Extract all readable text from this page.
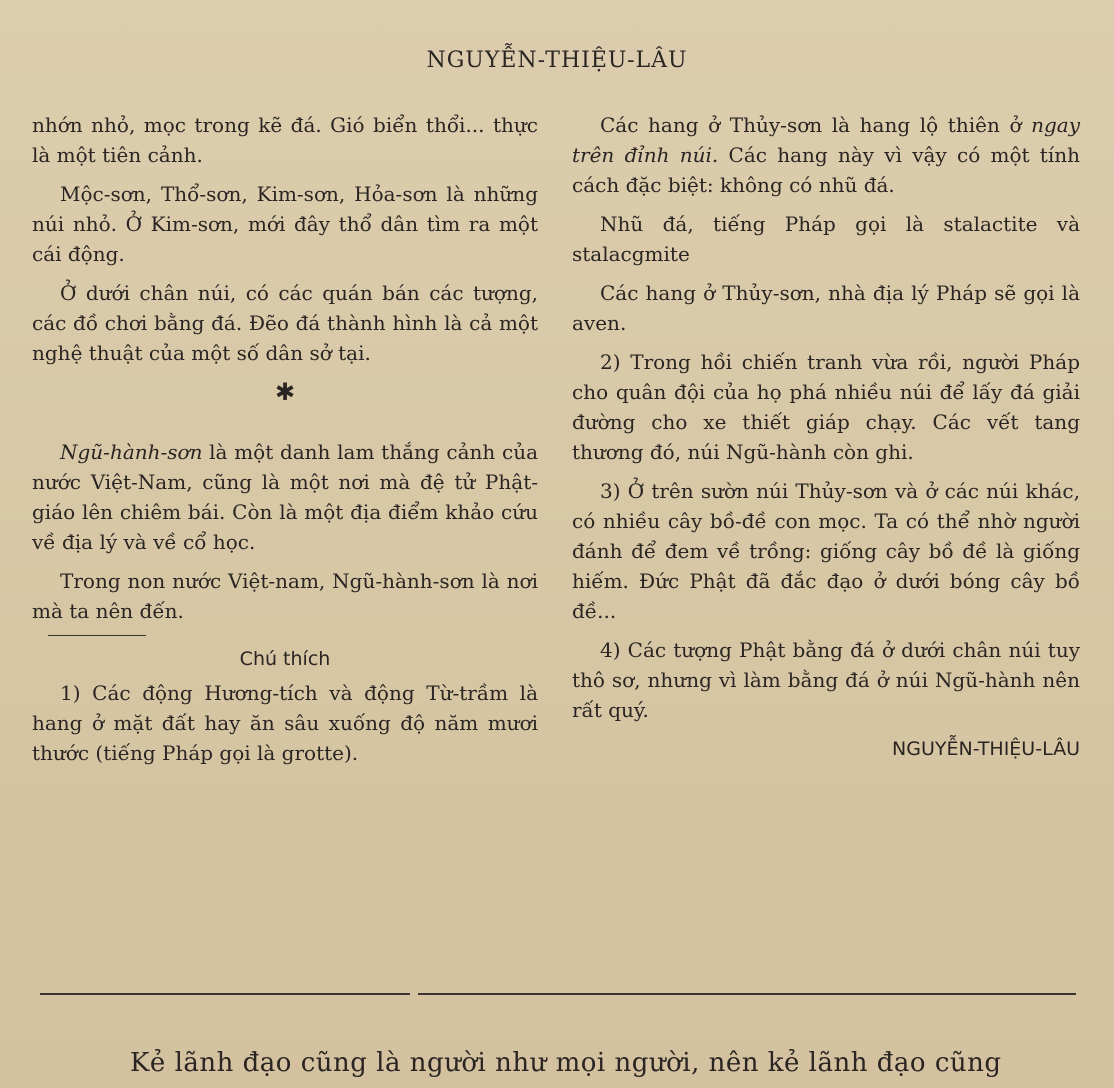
NGUYỄN-THIỆU-LÂU

nhớn nhỏ, mọc trong kẽ đá. Gió biển thổi... thực là một tiên cảnh.

Mộc-sơn, Thổ-sơn, Kim-sơn, Hỏa-sơn là những núi nhỏ. Ở Kim-sơn, mới đây thổ dân tìm ra một cái động.

Ở dưới chân núi, có các quán bán các tượng, các đồ chơi bằng đá. Đẽo đá thành hình là cả một nghệ thuật của một số dân sở tại.

✱

Ngũ-hành-sơn là một danh lam thắng cảnh của nước Việt-Nam, cũng là một nơi mà đệ tử Phật-giáo lên chiêm bái. Còn là một địa điểm khảo cứu về địa lý và về cổ học.

Trong non nước Việt-nam, Ngũ-hành-sơn là nơi mà ta nên đến.

Chú thích

1) Các động Hương-tích và động Từ-trầm là hang ở mặt đất hay ăn sâu xuống độ năm mươi thước (tiếng Pháp gọi là grotte).

Các hang ở Thủy-sơn là hang lộ thiên ở ngay trên đỉnh núi. Các hang này vì vậy có một tính cách đặc biệt: không có nhũ đá.

Nhũ đá, tiếng Pháp gọi là stalactite và stalacgmite

Các hang ở Thủy-sơn, nhà địa lý Pháp sẽ gọi là aven.

2) Trong hồi chiến tranh vừa rồi, người Pháp cho quân đội của họ phá nhiều núi để lấy đá giải đường cho xe thiết giáp chạy. Các vết tang thương đó, núi Ngũ-hành còn ghi.

3) Ở trên sườn núi Thủy-sơn và ở các núi khác, có nhiều cây bồ-đề con mọc. Ta có thể nhờ người đánh để đem về trồng: giống cây bồ đề là giống hiếm. Đức Phật đã đắc đạo ở dưới bóng cây bồ đề...

4) Các tượng Phật bằng đá ở dưới chân núi tuy thô sơ, nhưng vì làm bằng đá ở núi Ngũ-hành nên rất quý.

NGUYỄN-THIỆU-LÂU
Kẻ lãnh đạo cũng là người như mọi người, nên kẻ lãnh đạo cũng
